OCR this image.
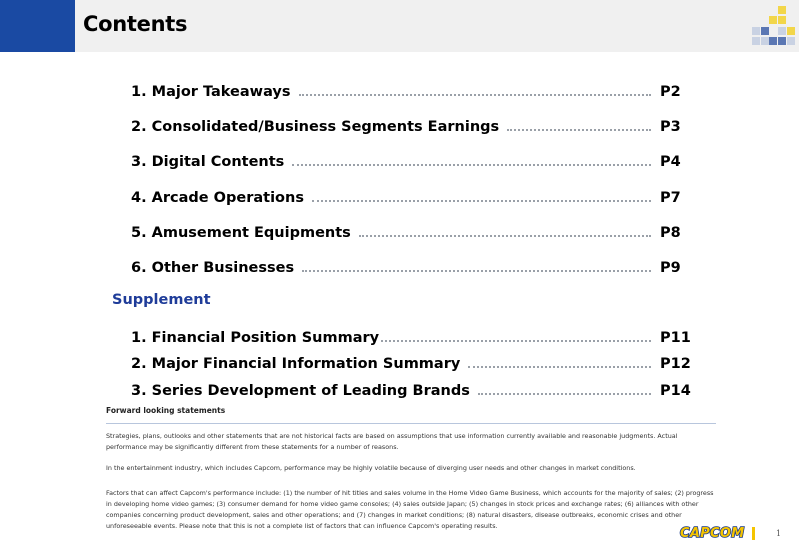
Contents
1. Major Takeaways	P2
2. Consolidated/Business Segments Earnings	P3
3. Digital Contents	P4
4. Arcade Operations	P7
5. Amusement Equipments	P8
6. Other Businesses	P9
Supplement
1. Financial Position Summary	P11
2. Major Financial Information Summary	P12
3. Series Development of Leading Brands	P14
Forward looking statements

Strategies, plans, outlooks and other statements that are not historical facts are based on assumptions that use information currently available and reasonable judgments. Actual performance may be significantly different from these statements for a number of reasons.

In the entertainment industry, which includes Capcom, performance may be highly volatile because of diverging user needs and other changes in market conditions.

Factors that can affect Capcom's performance include: (1) the number of hit titles and sales volume in the Home Video Game Business, which accounts for the majority of sales; (2) progress in developing home video games; (3) consumer demand for home video game consoles; (4) sales outside Japan; (5) changes in stock prices and exchange rates; (6) alliances with other companies concerning product development, sales and other operations; and (7) changes in market conditions; (8) natural disasters, disease outbreaks, economic crises and other unforeseeable events. Please note that this is not a complete list of factors that can influence Capcom's operating results.	CAPCOM	1
